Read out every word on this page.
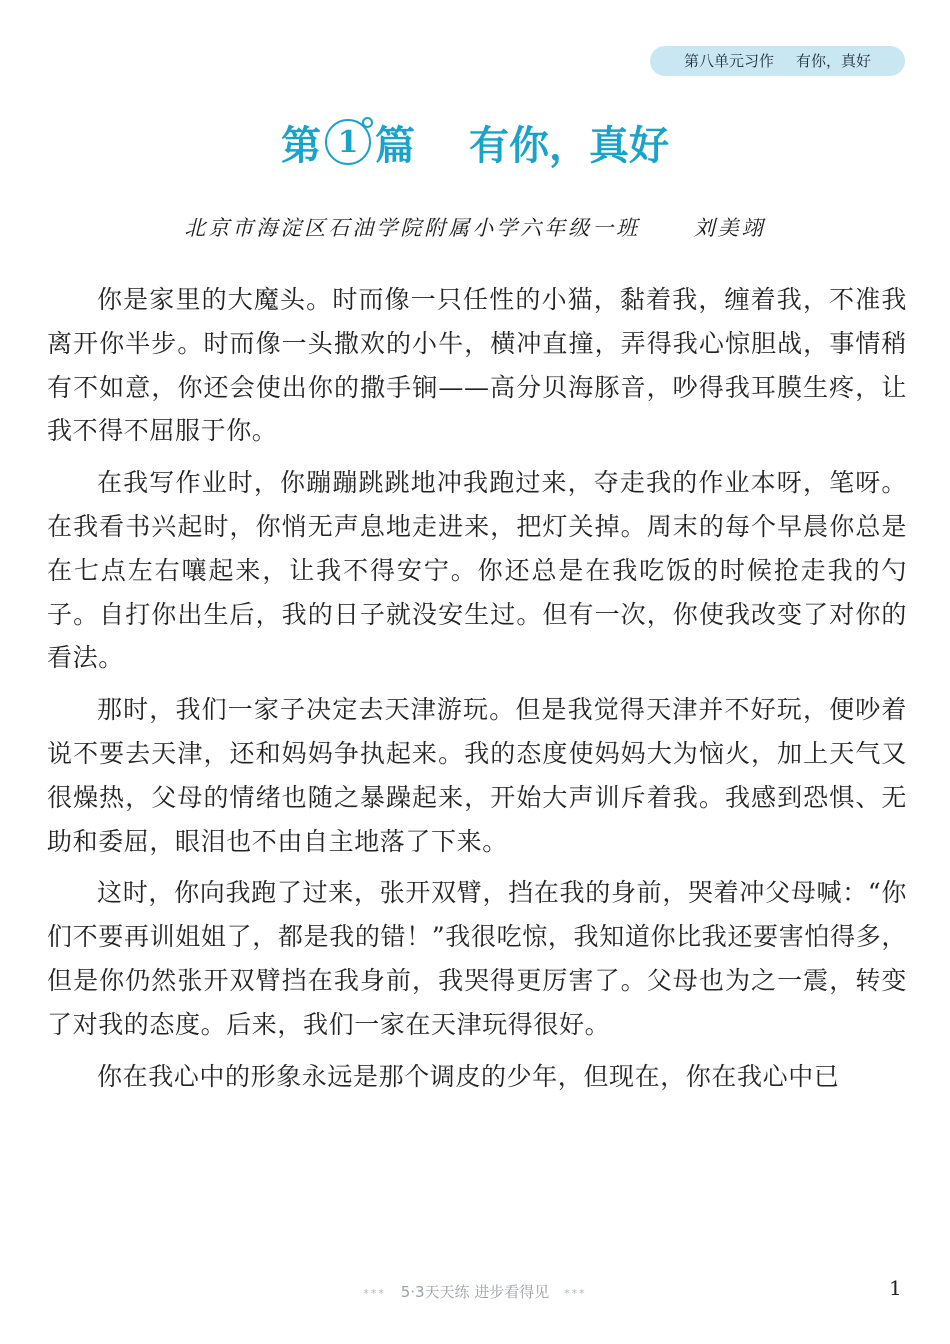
第八单元习作 有你，真好
第 1 篇 有你，真好
北京市海淀区石油学院附属小学六年级一班	刘美翊

你是家里的大魔头。时而像一只任性的小猫，黏着我，缠着我，不准我离开你半步。时而像一头撒欢的小牛，横冲直撞，弄得我心惊胆战，事情稍有不如意，你还会使出你的撒手锏——高分贝海豚音，吵得我耳膜生疼，让我不得不屈服于你。

在我写作业时，你蹦蹦跳跳地冲我跑过来，夺走我的作业本呀，笔呀。在我看书兴起时，你悄无声息地走进来，把灯关掉。周末的每个早晨你总是在七点左右嚷起来，让我不得安宁。你还总是在我吃饭的时候抢走我的勺子。自打你出生后，我的日子就没安生过。但有一次，你使我改变了对你的看法。

那时，我们一家子决定去天津游玩。但是我觉得天津并不好玩，便吵着说不要去天津，还和妈妈争执起来。我的态度使妈妈大为恼火，加上天气又很燥热，父母的情绪也随之暴躁起来，开始大声训斥着我。我感到恐惧、无助和委屈，眼泪也不由自主地落了下来。

这时，你向我跑了过来，张开双臂，挡在我的身前，哭着冲父母喊：“你们不要再训姐姐了，都是我的错！”我很吃惊，我知道你比我还要害怕得多，但是你仍然张开双臂挡在我身前，我哭得更厉害了。父母也为之一震，转变了对我的态度。后来，我们一家在天津玩得很好。

你在我心中的形象永远是那个调皮的少年，但现在，你在我心中已

*** 5·3天天练 进步看得见 ***	1
